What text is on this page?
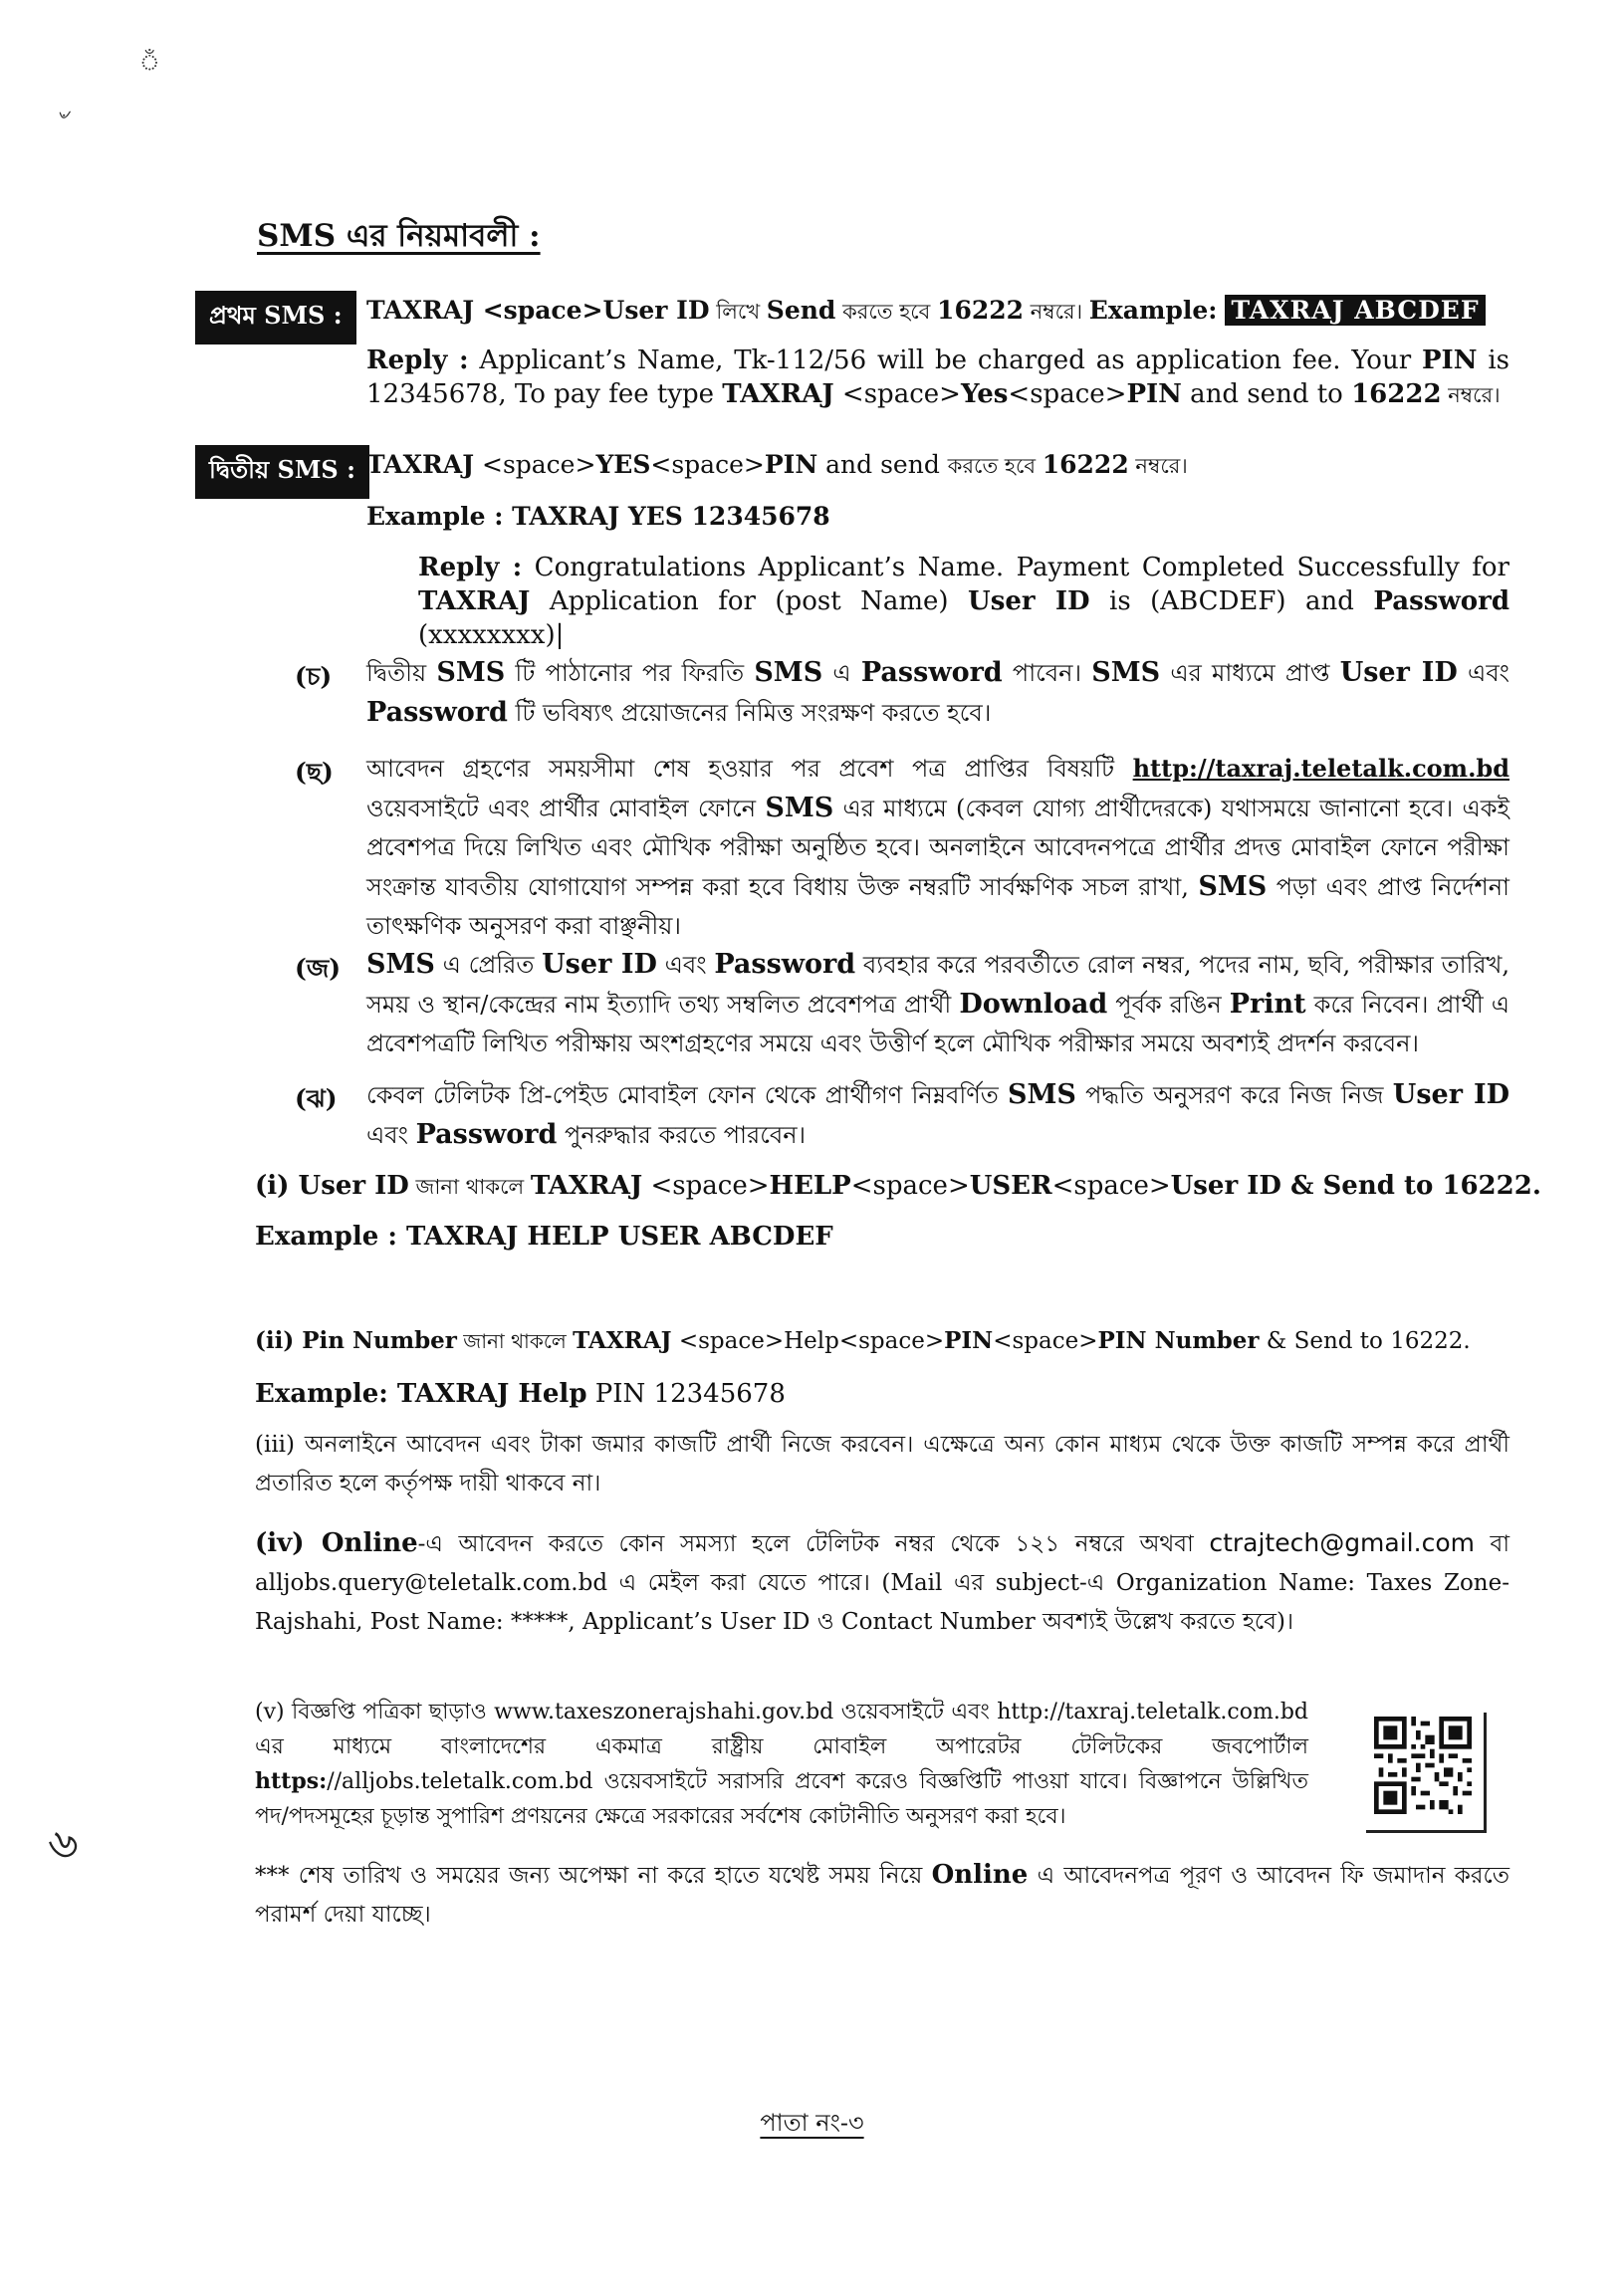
ঁ
৺
SMS এর নিয়মাবলী :
প্রথম SMS : TAXRAJ <space>User ID লিখে Send করতে হবে 16222 নম্বরে। Example: TAXRAJ ABCDEF
Reply : Applicant’s Name, Tk-112/56 will be charged as application fee. Your PIN is 12345678, To pay fee type TAXRAJ <space>Yes<space>PIN and send to 16222 নম্বরে।
দ্বিতীয় SMS : TAXRAJ <space>YES<space>PIN and send করতে হবে 16222 নম্বরে।
Example : TAXRAJ YES 12345678
Reply : Congratulations Applicant’s Name. Payment Completed Successfully for TAXRAJ Application for (post Name) User ID is (ABCDEF) and Password (xxxxxxxx)|
(চ) দ্বিতীয় SMS টি পাঠানোর পর ফিরতি SMS এ Password পাবেন। SMS এর মাধ্যমে প্রাপ্ত User ID এবং Password টি ভবিষ্যৎ প্রয়োজনের নিমিত্ত সংরক্ষণ করতে হবে।
(ছ) আবেদন গ্রহণের সময়সীমা শেষ হওয়ার পর প্রবেশ পত্র প্রাপ্তির বিষয়টি http://taxraj.teletalk.com.bd ওয়েবসাইটে এবং প্রার্থীর মোবাইল ফোনে SMS এর মাধ্যমে (কেবল যোগ্য প্রার্থীদেরকে) যথাসময়ে জানানো হবে। একই প্রবেশপত্র দিয়ে লিখিত এবং মৌখিক পরীক্ষা অনুষ্ঠিত হবে। অনলাইনে আবেদনপত্রে প্রার্থীর প্রদত্ত মোবাইল ফোনে পরীক্ষা সংক্রান্ত যাবতীয় যোগাযোগ সম্পন্ন করা হবে বিধায় উক্ত নম্বরটি সার্বক্ষণিক সচল রাখা, SMS পড়া এবং প্রাপ্ত নির্দেশনা তাৎক্ষণিক অনুসরণ করা বাঞ্ছনীয়।
(জ) SMS এ প্রেরিত User ID এবং Password ব্যবহার করে পরবর্তীতে রোল নম্বর, পদের নাম, ছবি, পরীক্ষার তারিখ, সময় ও স্থান/কেন্দ্রের নাম ইত্যাদি তথ্য সম্বলিত প্রবেশপত্র প্রার্থী Download পূর্বক রঙিন Print করে নিবেন। প্রার্থী এ প্রবেশপত্রটি লিখিত পরীক্ষায় অংশগ্রহণের সময়ে এবং উত্তীর্ণ হলে মৌখিক পরীক্ষার সময়ে অবশ্যই প্রদর্শন করবেন।
(ঝ) কেবল টেলিটক প্রি-পেইড মোবাইল ফোন থেকে প্রার্থীগণ নিম্নবর্ণিত SMS পদ্ধতি অনুসরণ করে নিজ নিজ User ID এবং Password পুনরুদ্ধার করতে পারবেন।
(i) User ID জানা থাকলে TAXRAJ <space>HELP<space>USER<space>User ID & Send to 16222.
Example : TAXRAJ HELP USER ABCDEF
(ii) Pin Number জানা থাকলে TAXRAJ <space>Help<space>PIN<space>PIN Number & Send to 16222.
Example: TAXRAJ Help PIN 12345678
(iii) অনলাইনে আবেদন এবং টাকা জমার কাজটি প্রার্থী নিজে করবেন। এক্ষেত্রে অন্য কোন মাধ্যম থেকে উক্ত কাজটি সম্পন্ন করে প্রার্থী প্রতারিত হলে কর্তৃপক্ষ দায়ী থাকবে না।
(iv) Online-এ আবেদন করতে কোন সমস্যা হলে টেলিটক নম্বর থেকে ১২১ নম্বরে অথবা ctrajtech@gmail.com বা alljobs.query@teletalk.com.bd এ মেইল করা যেতে পারে। (Mail এর subject-এ Organization Name: Taxes Zone-Rajshahi, Post Name: *****, Applicant’s User ID ও Contact Number অবশ্যই উল্লেখ করতে হবে)।
(v) বিজ্ঞপ্তি পত্রিকা ছাড়াও www.taxeszonerajshahi.gov.bd ওয়েবসাইটে এবং http://taxraj.teletalk.com.bd এর মাধ্যমে বাংলাদেশের একমাত্র রাষ্ট্রীয় মোবাইল অপারেটর টেলিটকের জবপোর্টাল https://alljobs.teletalk.com.bd ওয়েবসাইটে সরাসরি প্রবেশ করেও বিজ্ঞপ্তিটি পাওয়া যাবে। বিজ্ঞাপনে উল্লিখিত পদ/পদসমূহের চূড়ান্ত সুপারিশ প্রণয়নের ক্ষেত্রে সরকারের সর্বশেষ কোটানীতি অনুসরণ করা হবে।
৬
*** শেষ তারিখ ও সময়ের জন্য অপেক্ষা না করে হাতে যথেষ্ট সময় নিয়ে Online এ আবেদনপত্র পূরণ ও আবেদন ফি জমাদান করতে পরামর্শ দেয়া যাচ্ছে।
পাতা নং-৩
